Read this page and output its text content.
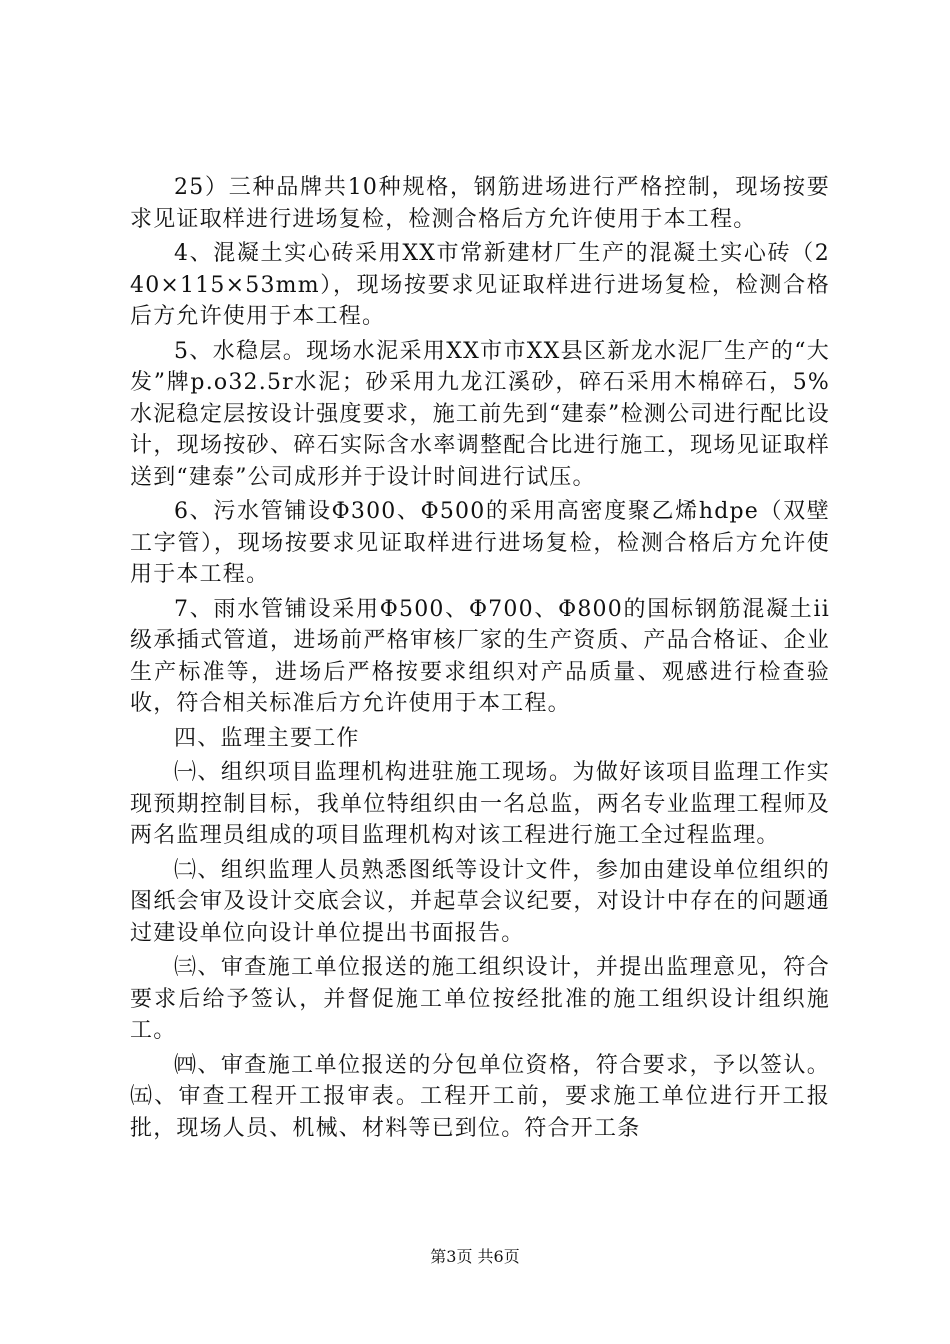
25）三种品牌共10种规格，钢筋进场进行严格控制，现场按要求见证取样进行进场复检，检测合格后方允许使用于本工程。

4、混凝土实心砖采用XX市常新建材厂生产的混凝土实心砖（240×115×53mm），现场按要求见证取样进行进场复检，检测合格后方允许使用于本工程。

5、水稳层。现场水泥采用XX市市XX县区新龙水泥厂生产的“大发”牌p.o32.5r水泥；砂采用九龙江溪砂，碎石采用木棉碎石，5%水泥稳定层按设计强度要求，施工前先到“建泰”检测公司进行配比设计，现场按砂、碎石实际含水率调整配合比进行施工，现场见证取样送到“建泰”公司成形并于设计时间进行试压。

6、污水管铺设Φ300、Φ500的采用高密度聚乙烯hdpe（双壁工字管），现场按要求见证取样进行进场复检，检测合格后方允许使用于本工程。

7、雨水管铺设采用Φ500、Φ700、Φ800的国标钢筋混凝土ii级承插式管道，进场前严格审核厂家的生产资质、产品合格证、企业生产标准等，进场后严格按要求组织对产品质量、观感进行检查验收，符合相关标准后方允许使用于本工程。

四、监理主要工作

㈠、组织项目监理机构进驻施工现场。为做好该项目监理工作实现预期控制目标，我单位特组织由一名总监，两名专业监理工程师及两名监理员组成的项目监理机构对该工程进行施工全过程监理。

㈡、组织监理人员熟悉图纸等设计文件，参加由建设单位组织的图纸会审及设计交底会议，并起草会议纪要，对设计中存在的问题通过建设单位向设计单位提出书面报告。

㈢、审查施工单位报送的施工组织设计，并提出监理意见，符合要求后给予签认，并督促施工单位按经批准的施工组织设计组织施工。

㈣、审查施工单位报送的分包单位资格，符合要求，予以签认。㈤、审查工程开工报审表。工程开工前，要求施工单位进行开工报批，现场人员、机械、材料等已到位。符合开工条

第3页 共6页
